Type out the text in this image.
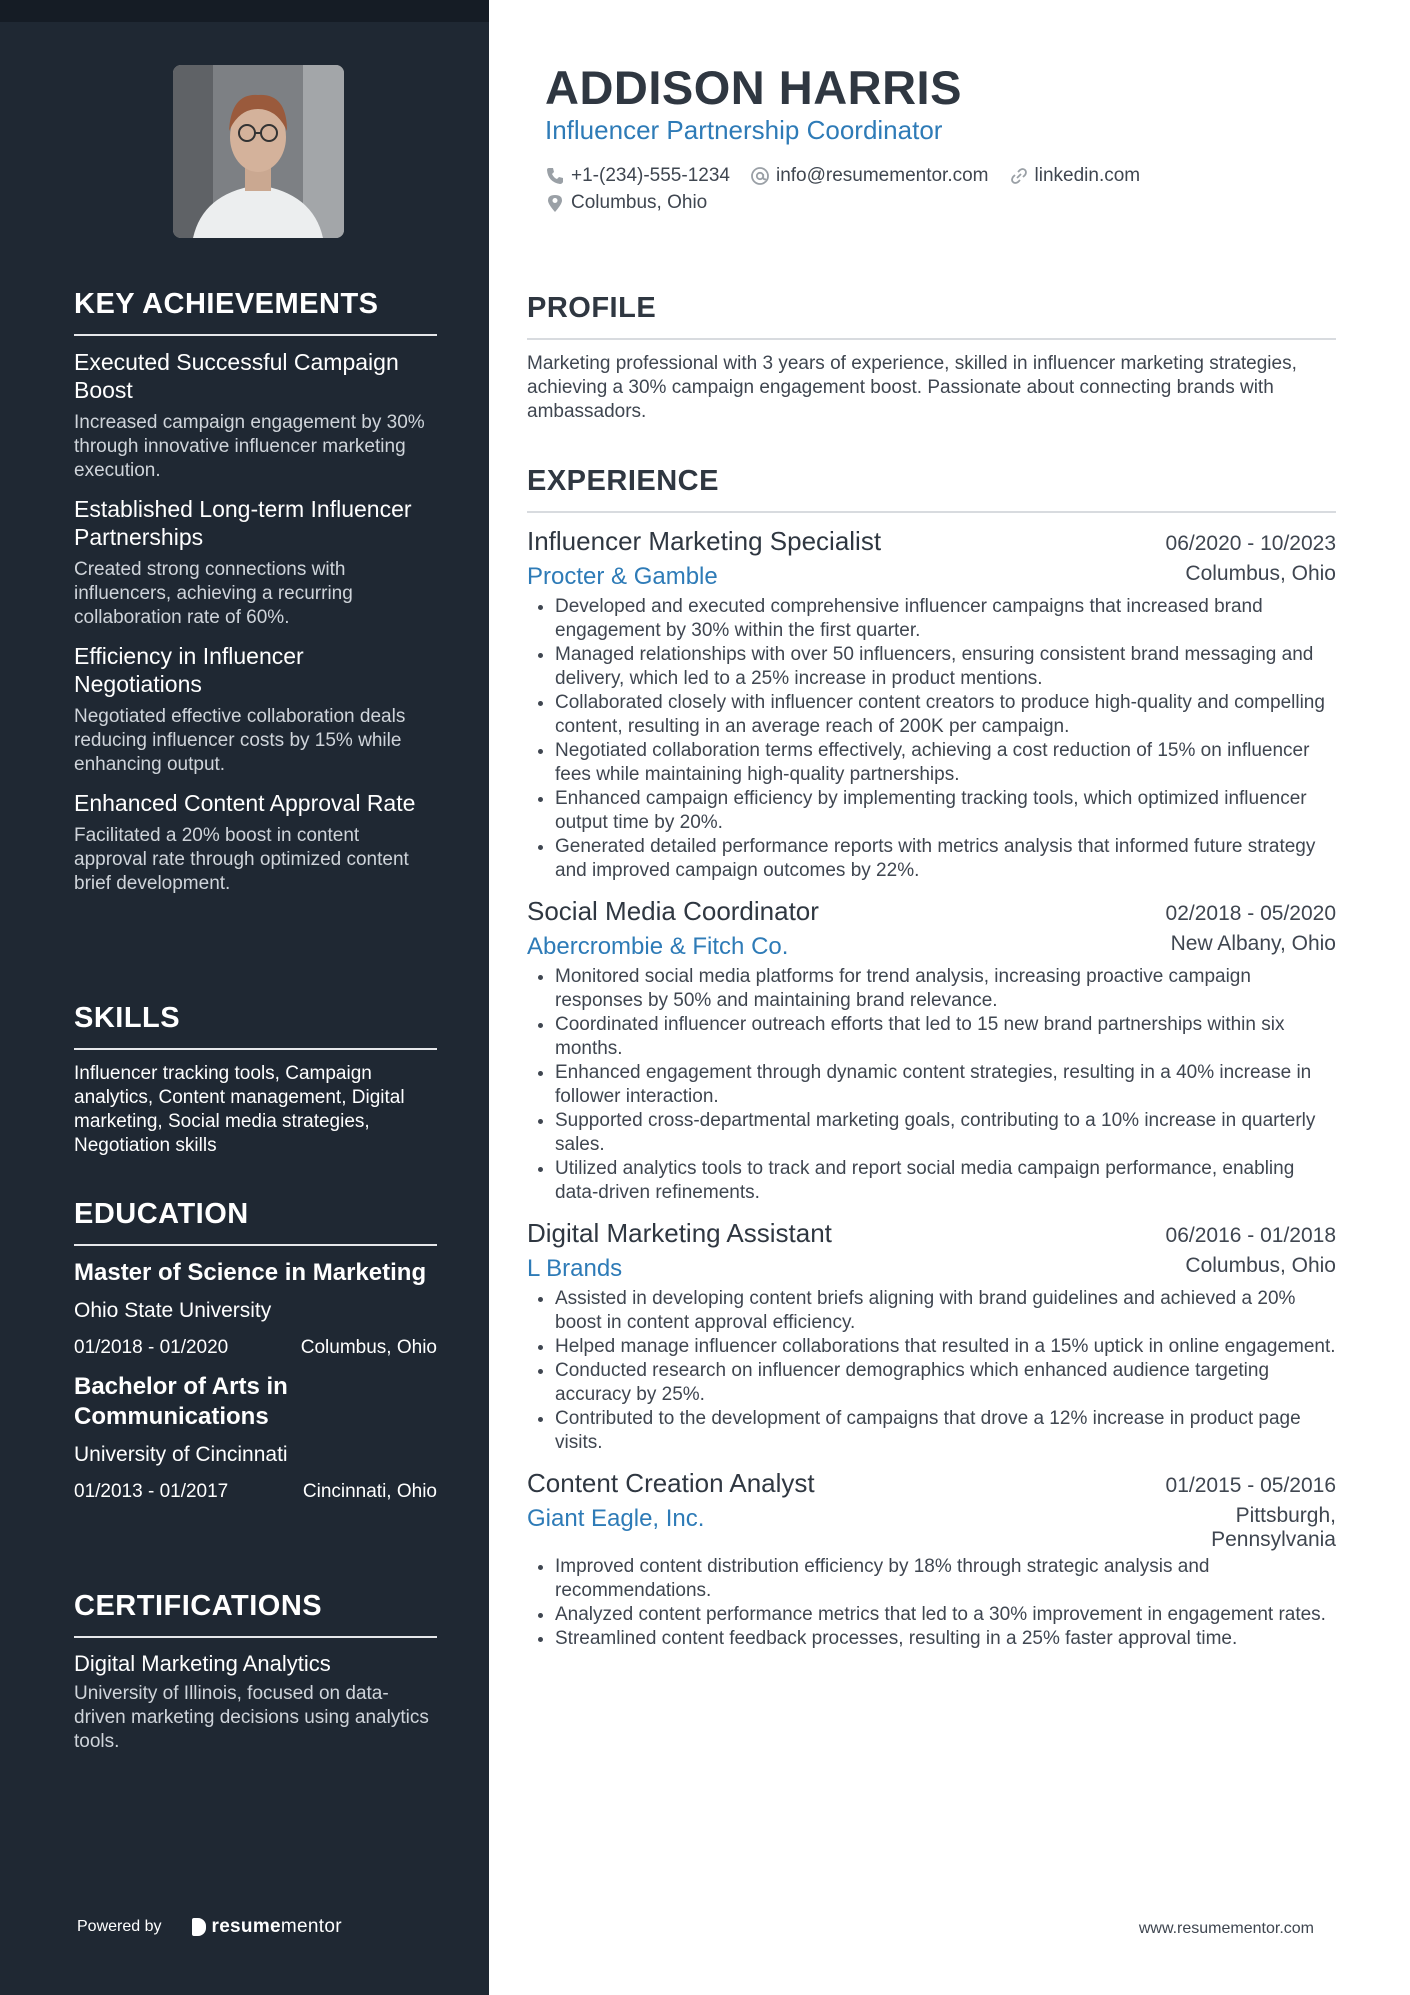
KEY ACHIEVEMENTS
Executed Successful Campaign Boost
Increased campaign engagement by 30% through innovative influencer marketing execution.
Established Long-term Influencer Partnerships
Created strong connections with influencers, achieving a recurring collaboration rate of 60%.
Efficiency in Influencer Negotiations
Negotiated effective collaboration deals reducing influencer costs by 15% while enhancing output.
Enhanced Content Approval Rate
Facilitated a 20% boost in content approval rate through optimized content brief development.
SKILLS
Influencer tracking tools, Campaign analytics, Content management, Digital marketing, Social media strategies, Negotiation skills
EDUCATION
Master of Science in Marketing
Ohio State University
01/2018 - 01/2020	Columbus, Ohio
Bachelor of Arts in Communications
University of Cincinnati
01/2013 - 01/2017	Cincinnati, Ohio
CERTIFICATIONS
Digital Marketing Analytics
University of Illinois, focused on data-driven marketing decisions using analytics tools.
Powered by	resume mentor
ADDISON HARRIS
Influencer Partnership Coordinator
+1-(234)-555-1234 info@resumementor.com linkedin.com
Columbus, Ohio
PROFILE
Marketing professional with 3 years of experience, skilled in influencer marketing strategies, achieving a 30% campaign engagement boost. Passionate about connecting brands with ambassadors.
EXPERIENCE
Influencer Marketing Specialist	06/2020 - 10/2023
Procter & Gamble	Columbus, Ohio
• Developed and executed comprehensive influencer campaigns that increased brand engagement by 30% within the first quarter.
• Managed relationships with over 50 influencers, ensuring consistent brand messaging and delivery, which led to a 25% increase in product mentions.
• Collaborated closely with influencer content creators to produce high-quality and compelling content, resulting in an average reach of 200K per campaign.
• Negotiated collaboration terms effectively, achieving a cost reduction of 15% on influencer fees while maintaining high-quality partnerships.
• Enhanced campaign efficiency by implementing tracking tools, which optimized influencer output time by 20%.
• Generated detailed performance reports with metrics analysis that informed future strategy and improved campaign outcomes by 22%.
Social Media Coordinator	02/2018 - 05/2020
Abercrombie & Fitch Co.	New Albany, Ohio
• Monitored social media platforms for trend analysis, increasing proactive campaign responses by 50% and maintaining brand relevance.
• Coordinated influencer outreach efforts that led to 15 new brand partnerships within six months.
• Enhanced engagement through dynamic content strategies, resulting in a 40% increase in follower interaction.
• Supported cross-departmental marketing goals, contributing to a 10% increase in quarterly sales.
• Utilized analytics tools to track and report social media campaign performance, enabling data-driven refinements.
Digital Marketing Assistant	06/2016 - 01/2018
L Brands	Columbus, Ohio
• Assisted in developing content briefs aligning with brand guidelines and achieved a 20% boost in content approval efficiency.
• Helped manage influencer collaborations that resulted in a 15% uptick in online engagement.
• Conducted research on influencer demographics which enhanced audience targeting accuracy by 25%.
• Contributed to the development of campaigns that drove a 12% increase in product page visits.
Content Creation Analyst	01/2015 - 05/2016
Giant Eagle, Inc.	Pittsburgh,
Pennsylvania
• Improved content distribution efficiency by 18% through strategic analysis and recommendations.
• Analyzed content performance metrics that led to a 30% improvement in engagement rates.
• Streamlined content feedback processes, resulting in a 25% faster approval time.
www.resumementor.com
